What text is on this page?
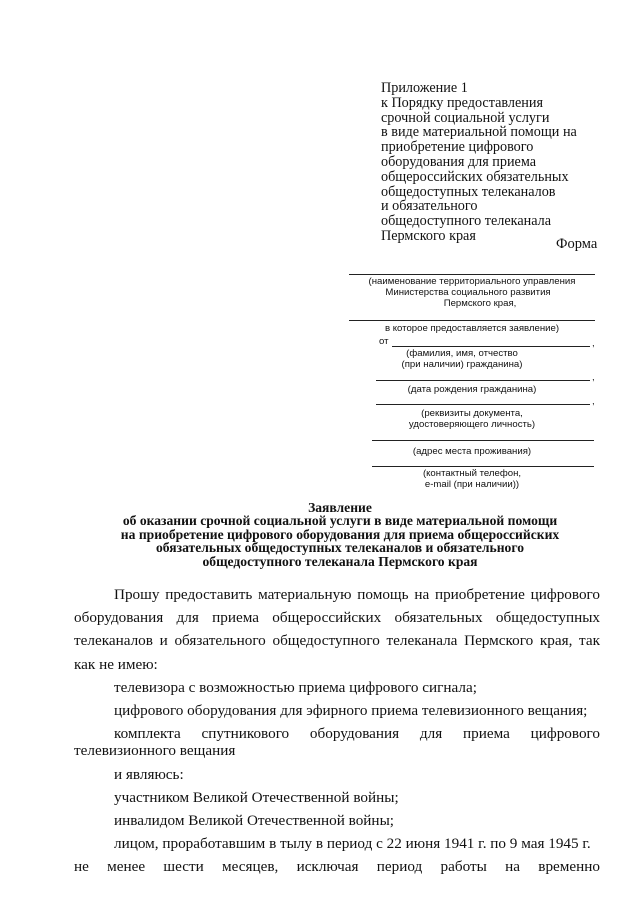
Приложение 1
к Порядку предоставления
срочной социальной услуги
в виде материальной помощи на
приобретение цифрового
оборудования для приема
общероссийских обязательных
общедоступных телеканалов
и обязательного
общедоступного телеканала
Пермского края
Форма
(наименование территориального управления
Министерства социального развития
Пермского края,
в которое предоставляется заявление)
от	,
(фамилия, имя, отчество
(при наличии) гражданина)
,
(дата рождения гражданина)
,
(реквизиты документа,
удостоверяющего личность)
(адрес места проживания)
(контактный телефон,
e-mail (при наличии))
Заявление
об оказании срочной социальной услуги в виде материальной помощи
на приобретение цифрового оборудования для приема общероссийских
обязательных общедоступных телеканалов и обязательного
общедоступного телеканала Пермского края
Прошу предоставить материальную помощь на приобретение цифрового
оборудования для приема общероссийских обязательных общедоступных
телеканалов и обязательного общедоступного телеканала Пермского края, так
как не имею:
телевизора с возможностью приема цифрового сигнала;
цифрового оборудования для эфирного приема телевизионного вещания;
комплекта спутникового оборудования для приема цифрового
телевизионного вещания
и являюсь:
участником Великой Отечественной войны;
инвалидом Великой Отечественной войны;
лицом, проработавшим в тылу в период с 22 июня 1941 г. по 9 мая 1945 г.
не менее шести месяцев, исключая период работы на временно
